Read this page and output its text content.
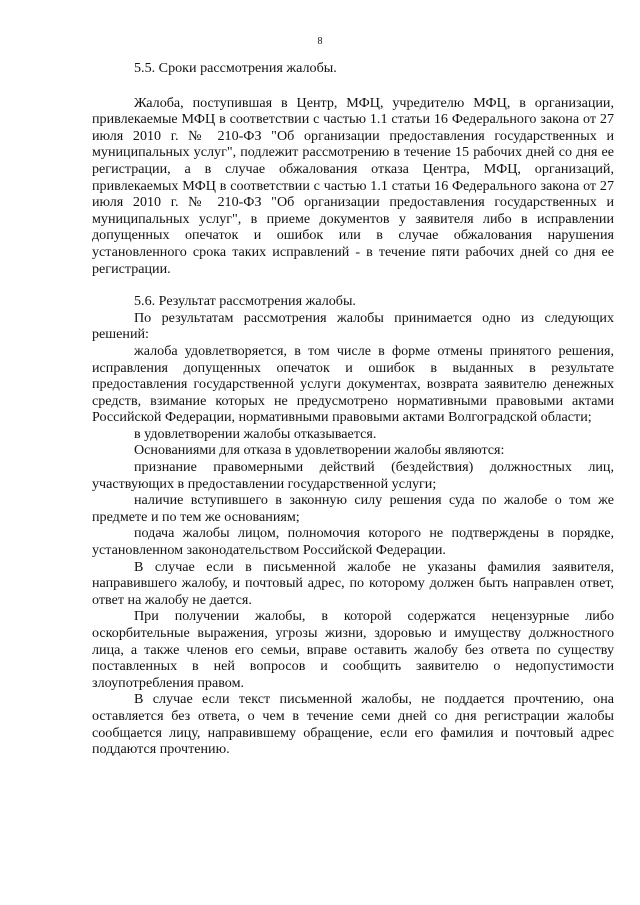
8

5.5. Сроки рассмотрения жалобы.

Жалоба, поступившая в Центр, МФЦ, учредителю МФЦ, в организации, привлекаемые МФЦ в соответствии с частью 1.1 статьи 16 Федерального закона от 27 июля 2010 г. № 210-ФЗ "Об организации предоставления государственных и муниципальных услуг", подлежит рассмотрению в течение 15 рабочих дней со дня ее регистрации, а в случае обжалования отказа Центра, МФЦ, организаций, привлекаемых МФЦ в соответствии с частью 1.1 статьи 16 Федерального закона от 27 июля 2010 г. № 210-ФЗ "Об организации предоставления государственных и муниципальных услуг", в приеме документов у заявителя либо в исправлении допущенных опечаток и ошибок или в случае обжалования нарушения установленного срока таких исправлений - в течение пяти рабочих дней со дня ее регистрации.

5.6. Результат рассмотрения жалобы.

По результатам рассмотрения жалобы принимается одно из следующих решений:

жалоба удовлетворяется, в том числе в форме отмены принятого решения, исправления допущенных опечаток и ошибок в выданных в результате предоставления государственной услуги документах, возврата заявителю денежных средств, взимание которых не предусмотрено нормативными правовыми актами Российской Федерации, нормативными правовыми актами Волгоградской области;

в удовлетворении жалобы отказывается.

Основаниями для отказа в удовлетворении жалобы являются:

признание правомерными действий (бездействия) должностных лиц, участвующих в предоставлении государственной услуги;

наличие вступившего в законную силу решения суда по жалобе о том же предмете и по тем же основаниям;

подача жалобы лицом, полномочия которого не подтверждены в порядке, установленном законодательством Российской Федерации.

В случае если в письменной жалобе не указаны фамилия заявителя, направившего жалобу, и почтовый адрес, по которому должен быть направлен ответ, ответ на жалобу не дается.

При получении жалобы, в которой содержатся нецензурные либо оскорбительные выражения, угрозы жизни, здоровью и имуществу должностного лица, а также членов его семьи, вправе оставить жалобу без ответа по существу поставленных в ней вопросов и сообщить заявителю о недопустимости злоупотребления правом.

В случае если текст письменной жалобы, не поддается прочтению, она оставляется без ответа, о чем в течение семи дней со дня регистрации жалобы сообщается лицу, направившему обращение, если его фамилия и почтовый адрес поддаются прочтению.
